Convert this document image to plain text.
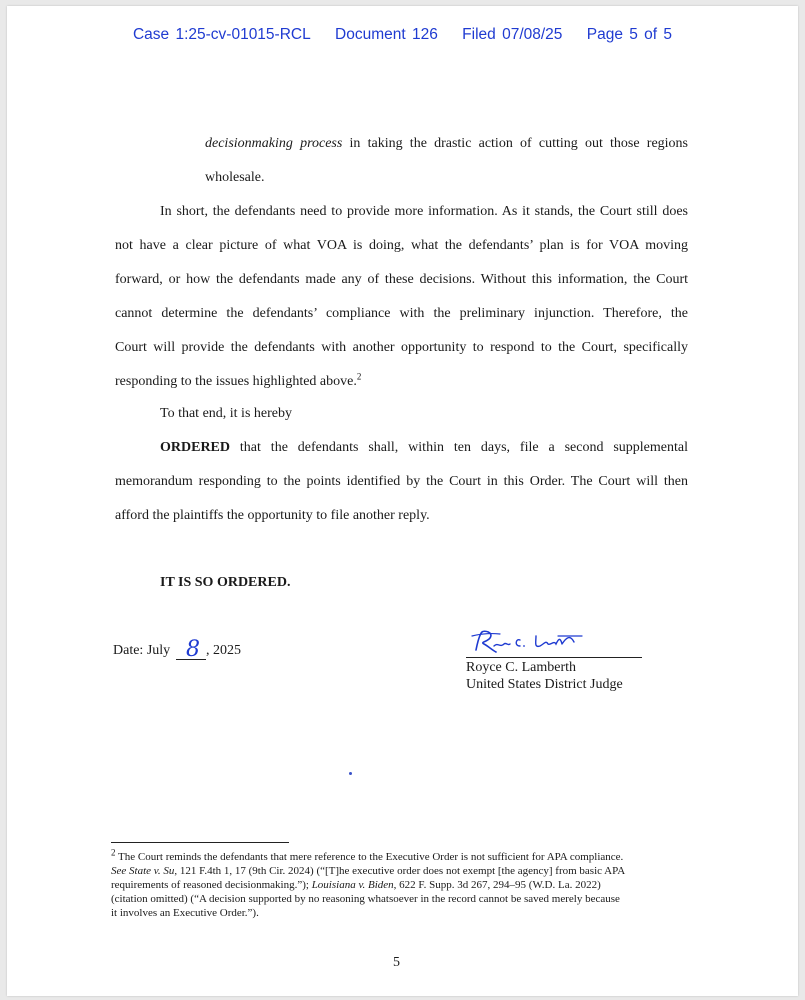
Case 1:25-cv-01015-RCL Document 126 Filed 07/08/25 Page 5 of 5
decisionmaking process in taking the drastic action of cutting out those regions
wholesale.
In short, the defendants need to provide more information. As it stands, the Court still does
not have a clear picture of what VOA is doing, what the defendants’ plan is for VOA moving
forward, or how the defendants made any of these decisions. Without this information, the Court
cannot determine the defendants’ compliance with the preliminary injunction. Therefore, the
Court will provide the defendants with another opportunity to respond to the Court, specifically
responding to the issues highlighted above.$^2$
To that end, it is hereby
ORDERED that the defendants shall, within ten days, file a second supplemental
memorandum responding to the points identified by the Court in this Order. The Court will then
afford the plaintiffs the opportunity to file another reply.
IT IS SO ORDERED.
Date: July 8 , 2025
Royce C. Lamberth
United States District Judge
$^2$ The Court reminds the defendants that mere reference to the Executive Order is not sufficient for APA compliance.
See State v. Su, 121 F.4th 1, 17 (9th Cir. 2024) (“[T]he executive order does not exempt [the agency] from basic APA
requirements of reasoned decisionmaking.”); Louisiana v. Biden, 622 F. Supp. 3d 267, 294–95 (W.D. La. 2022)
(citation omitted) (“A decision supported by no reasoning whatsoever in the record cannot be saved merely because
it involves an Executive Order.”).
5
